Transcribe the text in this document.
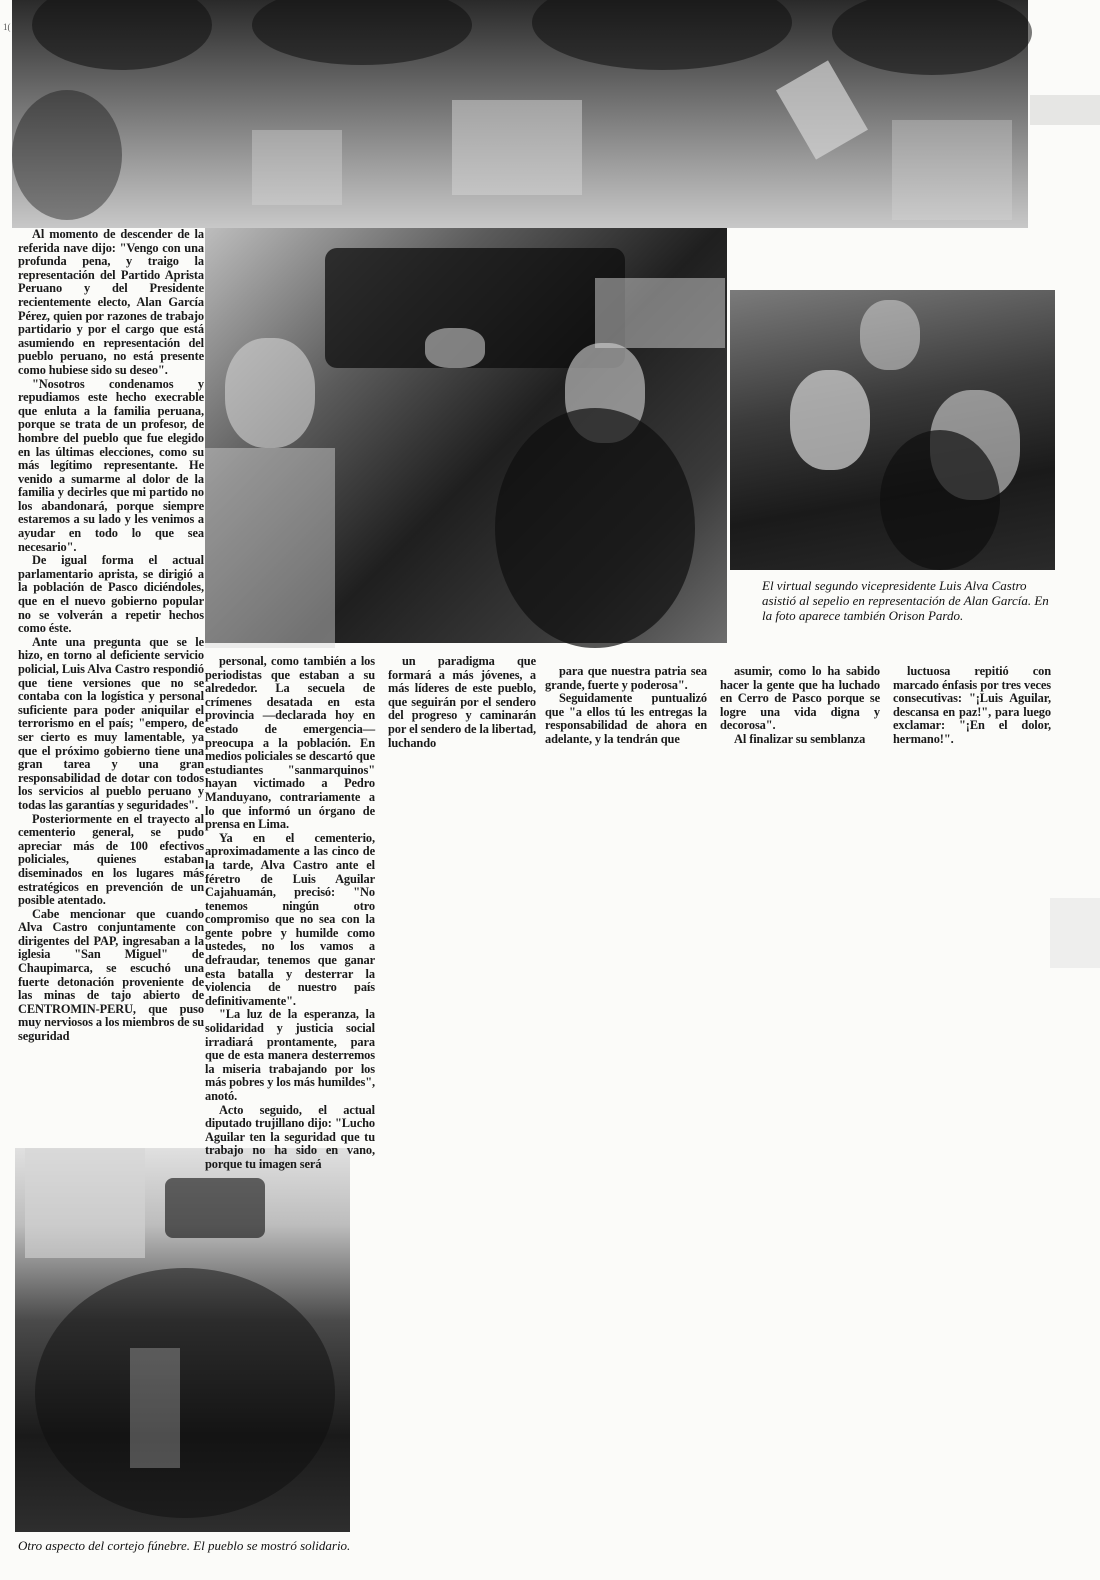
1(
El virtual segundo vicepresidente Luis Alva Castro asistió al sepelio en representación de Alan García. En la foto aparece también Orison Pardo.
Otro aspecto del cortejo fúnebre. El pueblo se mostró solidario.

Al momento de descender de la referida nave dijo: "Vengo con una profunda pena, y traigo la representación del Partido Aprista Peruano y del Presidente recientemente electo, Alan García Pérez, quien por razones de trabajo partidario y por el cargo que está asumiendo en representación del pueblo peruano, no está presente como hubiese sido su deseo".

"Nosotros condenamos y repudiamos este hecho execrable que enluta a la familia peruana, porque se trata de un profesor, de hombre del pueblo que fue elegido en las últimas elecciones, como su más legítimo representante. He venido a sumarme al dolor de la familia y decirles que mi partido no los abandonará, porque siempre estaremos a su lado y les venimos a ayudar en todo lo que sea necesario".

De igual forma el actual parlamentario aprista, se dirigió a la población de Pasco diciéndoles, que en el nuevo gobierno popular no se volverán a repetir hechos como éste.

Ante una pregunta que se le hizo, en torno al deficiente servicio policial, Luis Alva Castro respondió que tiene versiones que no se contaba con la logística y personal suficiente para poder aniquilar el terrorismo en el país; "empero, de ser cierto es muy lamentable, ya que el próximo gobierno tiene una gran tarea y una gran responsabilidad de dotar con todos los servicios al pueblo peruano y todas las garantías y seguridades".

Posteriormente en el trayecto al cementerio general, se pudo apreciar más de 100 efectivos policiales, quienes estaban diseminados en los lugares más estratégicos en prevención de un posible atentado.

Cabe mencionar que cuando Alva Castro conjuntamente con dirigentes del PAP, ingresaban a la iglesia "San Miguel" de Chaupimarca, se escuchó una fuerte detonación proveniente de las minas de tajo abierto de CENTROMIN-PERU, que puso muy nerviosos a los miembros de su seguridad

personal, como también a los periodistas que estaban a su alrededor. La secuela de crímenes desatada en esta provincia —declarada hoy en estado de emergencia— preocupa a la población. En medios policiales se descartó que estudiantes "sanmarquinos" hayan victimado a Pedro Manduyano, contrariamente a lo que informó un órgano de prensa en Lima.

Ya en el cementerio, aproximadamente a las cinco de la tarde, Alva Castro ante el féretro de Luis Aguilar Cajahuamán, precisó: "No tenemos ningún otro compromiso que no sea con la gente pobre y humilde como ustedes, no los vamos a defraudar, tenemos que ganar esta batalla y desterrar la violencia de nuestro país definitivamente".

"La luz de la esperanza, la solidaridad y justicia social irradiará prontamente, para que de esta manera desterremos la miseria trabajando por los más pobres y los más humildes", anotó.

Acto seguido, el actual diputado trujillano dijo: "Lucho Aguilar ten la seguridad que tu trabajo no ha sido en vano, porque tu imagen será

un paradigma que formará a más jóvenes, a más líderes de este pueblo, que seguirán por el sendero del progreso y caminarán por el sendero de la libertad, luchando

para que nuestra patria sea grande, fuerte y poderosa".

Seguidamente puntualizó que "a ellos tú les entregas la responsabilidad de ahora en adelante, y la tendrán que

asumir, como lo ha sabido hacer la gente que ha luchado en Cerro de Pasco porque se logre una vida digna y decorosa".

Al finalizar su semblanza

luctuosa repitió con marcado énfasis por tres veces consecutivas: "¡Luis Aguilar, descansa en paz!", para luego exclamar: "¡En el dolor, hermano!".
